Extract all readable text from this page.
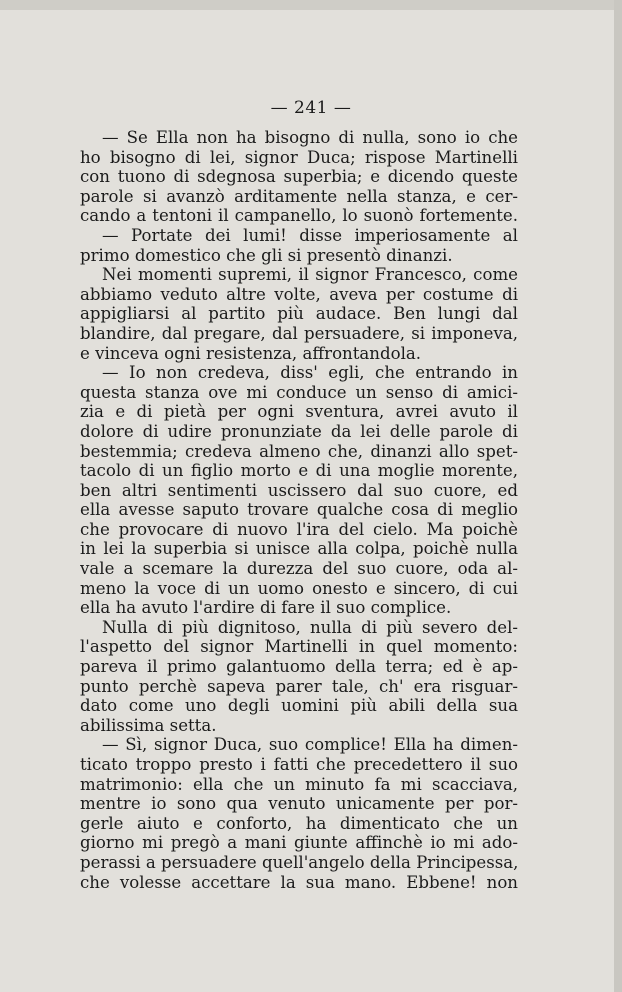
— 241 —
— Se Ella non ha bisogno di nulla, sono io che
ho bisogno di lei, signor Duca; rispose Martinelli
con tuono di sdegnosa superbia; e dicendo queste
parole si avanzò arditamente nella stanza, e cer-
cando a tentoni il campanello, lo suonò fortemente.
— Portate dei lumi! disse imperiosamente al
primo domestico che gli si presentò dinanzi.
Nei momenti supremi, il signor Francesco, come
abbiamo veduto altre volte, aveva per costume di
appigliarsi al partito più audace. Ben lungi dal
blandire, dal pregare, dal persuadere, si imponeva,
e vinceva ogni resistenza, affrontandola.
— Io non credeva, diss' egli, che entrando in
questa stanza ove mi conduce un senso di amici-
zia e di pietà per ogni sventura, avrei avuto il
dolore di udire pronunziate da lei delle parole di
bestemmia; credeva almeno che, dinanzi allo spet-
tacolo di un figlio morto e di una moglie morente,
ben altri sentimenti uscissero dal suo cuore, ed
ella avesse saputo trovare qualche cosa di meglio
che provocare di nuovo l'ira del cielo. Ma poichè
in lei la superbia si unisce alla colpa, poichè nulla
vale a scemare la durezza del suo cuore, oda al-
meno la voce di un uomo onesto e sincero, di cui
ella ha avuto l'ardire di fare il suo complice.
Nulla di più dignitoso, nulla di più severo del-
l'aspetto del signor Martinelli in quel momento:
pareva il primo galantuomo della terra; ed è ap-
punto perchè sapeva parer tale, ch' era risguar-
dato come uno degli uomini più abili della sua
abilissima setta.
— Sì, signor Duca, suo complice! Ella ha dimen-
ticato troppo presto i fatti che precedettero il suo
matrimonio: ella che un minuto fa mi scacciava,
mentre io sono qua venuto unicamente per por-
gerle aiuto e conforto, ha dimenticato che un
giorno mi pregò a mani giunte affinchè io mi ado-
perassi a persuadere quell'angelo della Principessa,
che volesse accettare la sua mano. Ebbene! non
